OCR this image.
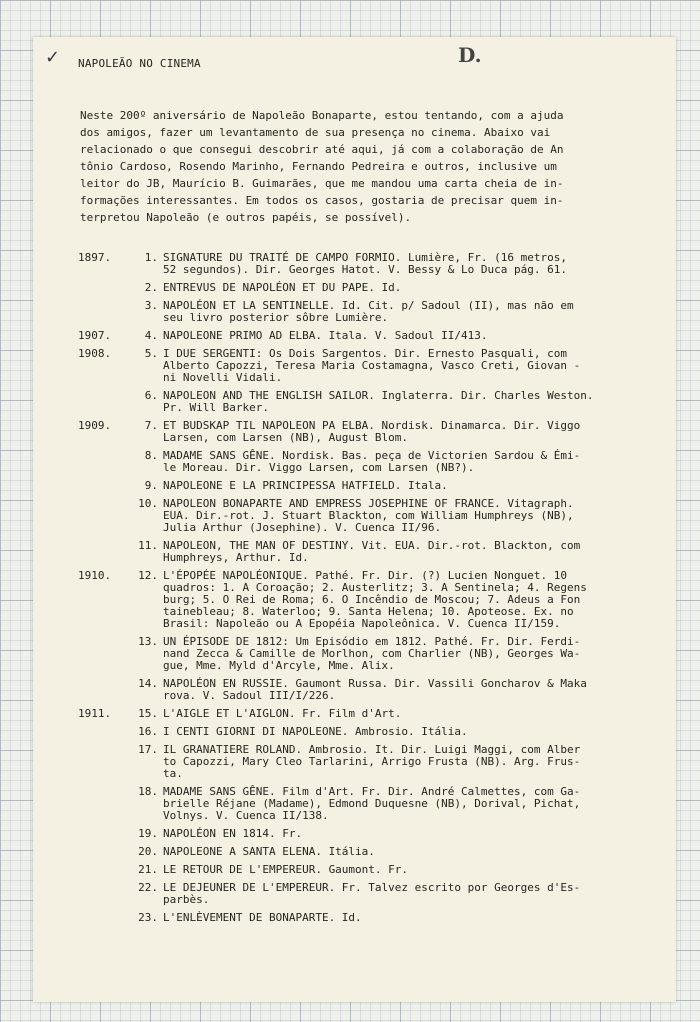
✓	D.
NAPOLEÃO NO CINEMA

Neste 200º aniversário de Napoleão Bonaparte, estou tentando, com a ajuda
dos amigos, fazer um levantamento de sua presença no cinema. Abaixo vai
relacionado o que consegui descobrir até aqui, já com a colaboração de An
tônio Cardoso, Rosendo Marinho, Fernando Pedreira e outros, inclusive um
leitor do JB, Maurício B. Guimarães, que me mandou uma carta cheia de in-
formações interessantes. Em todos os casos, gostaria de precisar quem in-
terpretou Napoleão (e outros papéis, se possível).

1897.	1. SIGNATURE DU TRAITÉ DE CAMPO FORMIO. Lumière, Fr. (16 metros,
52 segundos). Dir. Georges Hatot. V. Bessy & Lo Duca pág. 61.
2. ENTREVUS DE NAPOLÉON ET DU PAPE. Id.
3. NAPOLÉON ET LA SENTINELLE. Id. Cit. p/ Sadoul (II), mas não em
seu livro posterior sôbre Lumière.
1907.	4. NAPOLEONE PRIMO AD ELBA. Itala. V. Sadoul II/413.
1908.	5. I DUE SERGENTI: Os Dois Sargentos. Dir. Ernesto Pasquali, com
Alberto Capozzi, Teresa Maria Costamagna, Vasco Creti, Giovan -
ni Novelli Vidali.
6. NAPOLEON AND THE ENGLISH SAILOR. Inglaterra. Dir. Charles Weston.
Pr. Will Barker.
1909.	7. ET BUDSKAP TIL NAPOLEON PA ELBA. Nordisk. Dinamarca. Dir. Viggo
Larsen, com Larsen (NB), August Blom.
8. MADAME SANS GÊNE. Nordisk. Bas. peça de Victorien Sardou & Émi-
le Moreau. Dir. Viggo Larsen, com Larsen (NB?).
9. NAPOLEONE E LA PRINCIPESSA HATFIELD. Itala.
10. NAPOLEON BONAPARTE AND EMPRESS JOSEPHINE OF FRANCE. Vitagraph.
EUA. Dir.-rot. J. Stuart Blackton, com William Humphreys (NB),
Julia Arthur (Josephine). V. Cuenca II/96.
11. NAPOLEON, THE MAN OF DESTINY. Vit. EUA. Dir.-rot. Blackton, com
Humphreys, Arthur. Id.
1910.	12. L'ÉPOPÉE NAPOLÉONIQUE. Pathé. Fr. Dir. (?) Lucien Nonguet. 10
quadros: 1. A Coroação; 2. Austerlitz; 3. A Sentinela; 4. Regens
burg; 5. O Rei de Roma; 6. O Incêndio de Moscou; 7. Adeus a Fon
tainebleau; 8. Waterloo; 9. Santa Helena; 10. Apoteose. Ex. no
Brasil: Napoleão ou A Epopéia Napoleônica. V. Cuenca II/159.
13. UN ÉPISODE DE 1812: Um Episódio em 1812. Pathé. Fr. Dir. Ferdi-
nand Zecca & Camille de Morlhon, com Charlier (NB), Georges Wa-
gue, Mme. Myld d'Arcyle, Mme. Alix.
14. NAPOLÉON EN RUSSIE. Gaumont Russa. Dir. Vassili Goncharov & Maka
rova. V. Sadoul III/I/226.
1911.	15. L'AIGLE ET L'AIGLON. Fr. Film d'Art.
16. I CENTI GIORNI DI NAPOLEONE. Ambrosio. Itália.
17. IL GRANATIERE ROLAND. Ambrosio. It. Dir. Luigi Maggi, com Alber
to Capozzi, Mary Cleo Tarlarini, Arrigo Frusta (NB). Arg. Frus-
ta.
18. MADAME SANS GÊNE. Film d'Art. Fr. Dir. André Calmettes, com Ga-
brielle Réjane (Madame), Edmond Duquesne (NB), Dorival, Pichat,
Volnys. V. Cuenca II/138.
19. NAPOLÉON EN 1814. Fr.
20. NAPOLEONE A SANTA ELENA. Itália.
21. LE RETOUR DE L'EMPEREUR. Gaumont. Fr.
22. LE DEJEUNER DE L'EMPEREUR. Fr. Talvez escrito por Georges d'Es-
parbès.
23. L'ENLÈVEMENT DE BONAPARTE. Id.
